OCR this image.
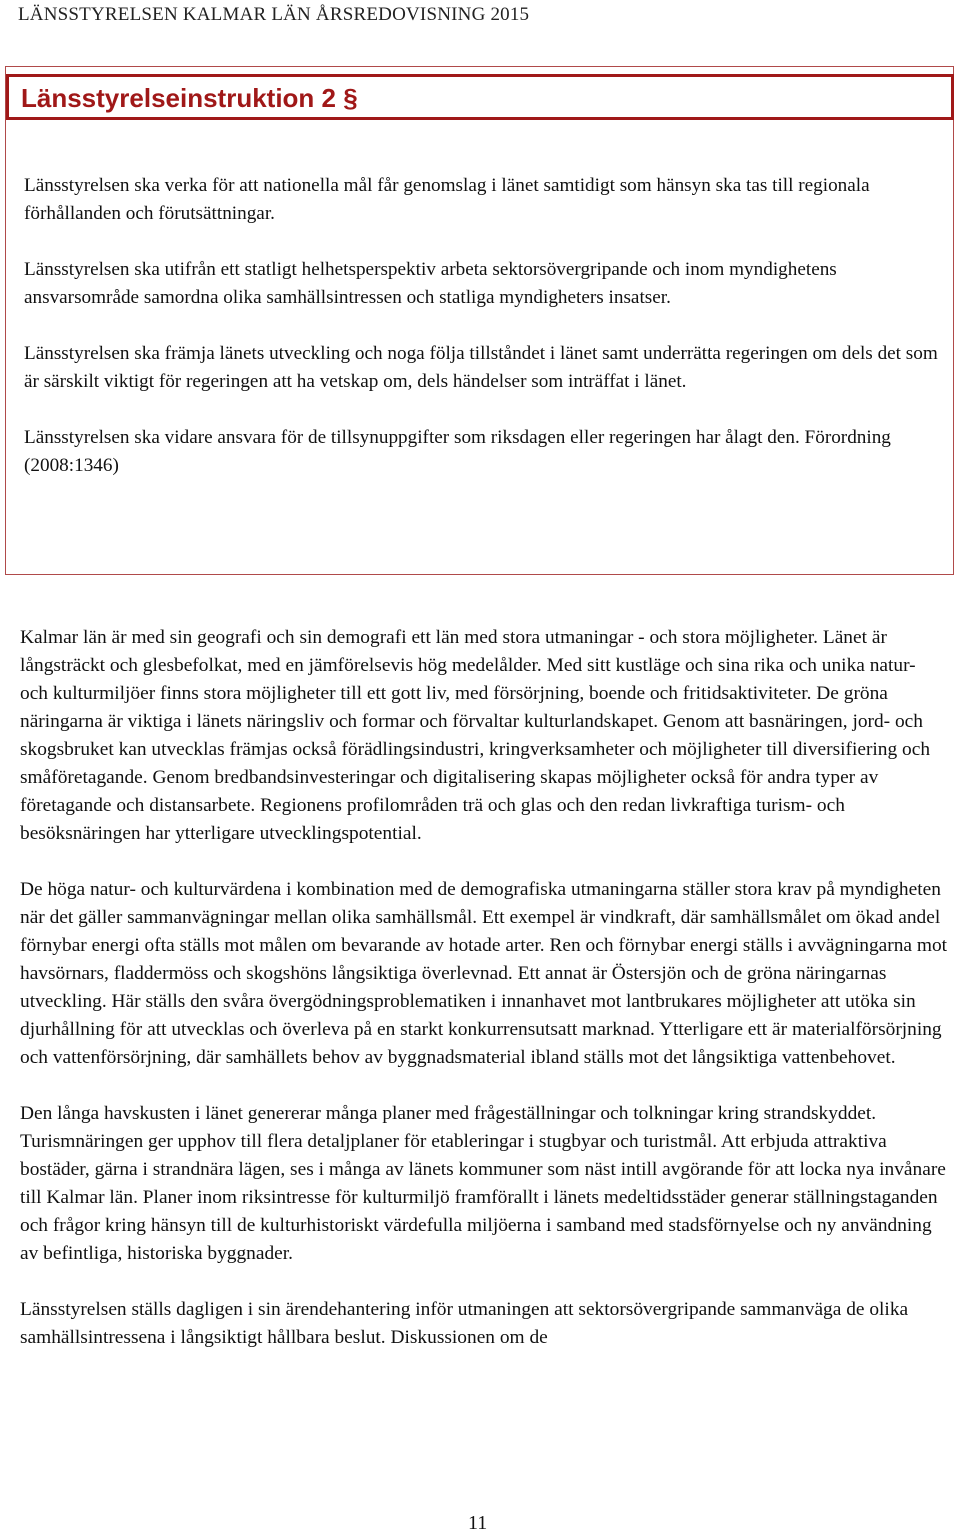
LÄNSSTYRELSEN KALMAR LÄN ÅRSREDOVISNING 2015
Länsstyrelseinstruktion 2 §

Länsstyrelsen ska verka för att nationella mål får genomslag i länet samtidigt som hänsyn ska tas till regionala förhållanden och förutsättningar.

Länsstyrelsen ska utifrån ett statligt helhetsperspektiv arbeta sektorsövergripande och inom myndighetens ansvarsområde samordna olika samhällsintressen och statliga myndigheters insatser.

Länsstyrelsen ska främja länets utveckling och noga följa tillståndet i länet samt underrätta regeringen om dels det som är särskilt viktigt för regeringen att ha vetskap om, dels händelser som inträffat i länet.

Länsstyrelsen ska vidare ansvara för de tillsynuppgifter som riksdagen eller regeringen har ålagt den. Förordning (2008:1346)

Kalmar län är med sin geografi och sin demografi ett län med stora utmaningar - och stora möjligheter. Länet är långsträckt och glesbefolkat, med en jämförelsevis hög medelålder. Med sitt kustläge och sina rika och unika natur- och kulturmiljöer finns stora möjligheter till ett gott liv, med försörjning, boende och fritidsaktiviteter. De gröna näringarna är viktiga i länets näringsliv och formar och förvaltar kulturlandskapet. Genom att basnäringen, jord- och skogsbruket kan utvecklas främjas också förädlingsindustri, kringverksamheter och möjligheter till diversifiering och småföretagande. Genom bredbandsinvesteringar och digitalisering skapas möjligheter också för andra typer av företagande och distansarbete. Regionens profilområden trä och glas och den redan livkraftiga turism- och besöksnäringen har ytterligare utvecklingspotential.

De höga natur- och kulturvärdena i kombination med de demografiska utmaningarna ställer stora krav på myndigheten när det gäller sammanvägningar mellan olika samhällsmål. Ett exempel är vindkraft, där samhällsmålet om ökad andel förnybar energi ofta ställs mot målen om bevarande av hotade arter. Ren och förnybar energi ställs i avvägningarna mot havsörnars, fladdermöss och skogshöns långsiktiga överlevnad. Ett annat är Östersjön och de gröna näringarnas utveckling. Här ställs den svåra övergödningsproblematiken i innanhavet mot lantbrukares möjligheter att utöka sin djurhållning för att utvecklas och överleva på en starkt konkurrensutsatt marknad. Ytterligare ett är materialförsörjning och vattenförsörjning, där samhällets behov av byggnadsmaterial ibland ställs mot det långsiktiga vattenbehovet.

Den långa havskusten i länet genererar många planer med frågeställningar och tolkningar kring strandskyddet. Turismnäringen ger upphov till flera detaljplaner för etableringar i stugbyar och turistmål. Att erbjuda attraktiva bostäder, gärna i strandnära lägen, ses i många av länets kommuner som näst intill avgörande för att locka nya invånare till Kalmar län. Planer inom riksintresse för kulturmiljö framförallt i länets medeltidsstäder generar ställningstaganden och frågor kring hänsyn till de kulturhistoriskt värdefulla miljöerna i samband med stadsförnyelse och ny användning av befintliga, historiska byggnader.

Länsstyrelsen ställs dagligen i sin ärendehantering inför utmaningen att sektorsövergripande sammanväga de olika samhällsintressena i långsiktigt hållbara beslut. Diskussionen om de

11
